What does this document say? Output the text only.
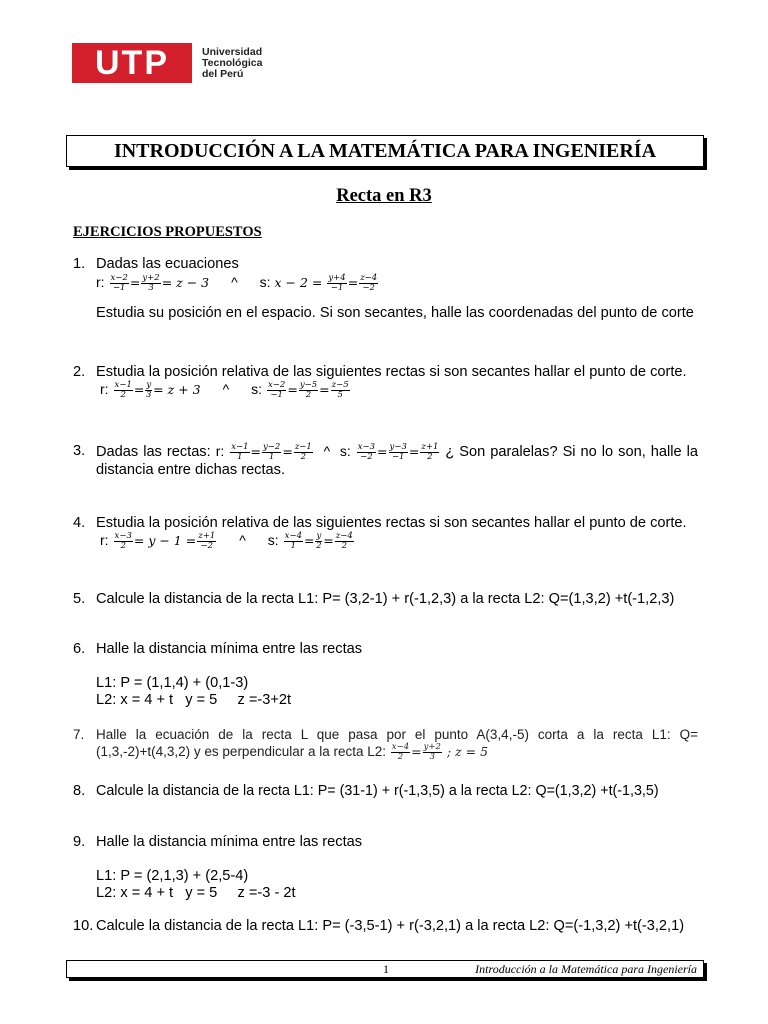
UTP	Universidad
Tecnológica
del Perú
INTRODUCCIÓN A LA MATEMÁTICA PARA INGENIERÍA
Recta en R3
EJERCICIOS PROPUESTOS
1. Dadas las ecuaciones
r: $\frac{x-2}{-1} = \frac{y+2}{3} = z - 3$ ^ s: $x - 2 = \frac{y+4}{-1} = \frac{z-4}{-2}$
Estudia su posición en el espacio. Si son secantes, halle las coordenadas del punto de corte
2. Estudia la posición relativa de las siguientes rectas si son secantes hallar el punto de corte.
r: $\frac{x-1}{2} = \frac{y}{3} = z + 3$ ^ s: $\frac{x-2}{-1} = \frac{y-5}{2} = \frac{z-5}{5}$
3. Dadas las rectas: r: $\frac{x-1}{1} = \frac{y-2}{1} = \frac{z-1}{2}$ ^  s: $\frac{x-3}{-2} = \frac{y-3}{-1} = \frac{z+1}{2}$ ¿ Son paralelas? Si no lo son, halle la distancia entre dichas rectas.
4. Estudia la posición relativa de las siguientes rectas si son secantes hallar el punto de corte.
r: $\frac{x-3}{2} = y - 1 = \frac{z+1}{-2}$ ^ s: $\frac{x-4}{1} = \frac{y}{2} = \frac{z-4}{2}$
5. Calcule la distancia de la recta L1: P= (3,2-1) + r(-1,2,3) a la recta L2: Q=(1,3,2) +t(-1,2,3)
6. Halle la distancia mínima entre las rectas
L1: P = (1,1,4) + (0,1-3)
L2: x = 4 + t   y = 5     z =-3+2t
7. Halle la ecuación de la recta L que pasa por el punto A(3,4,-5) corta a la recta L1: Q=(1,3,-2)+t(4,3,2) y es perpendicular a la recta L2: $\frac{x-4}{2} = \frac{y+2}{3}$ ; z = 5
8. Calcule la distancia de la recta L1: P= (31-1) + r(-1,3,5) a la recta L2: Q=(1,3,2) +t(-1,3,5)
9. Halle la distancia mínima entre las rectas
L1: P = (2,1,3) + (2,5-4)
L2: x = 4 + t   y = 5     z =-3 - 2t
10. Calcule la distancia de la recta L1: P= (-3,5-1) + r(-3,2,1) a la recta L2: Q=(-1,3,2) +t(-3,2,1)
1	Introducción a la Matemática para Ingeniería
